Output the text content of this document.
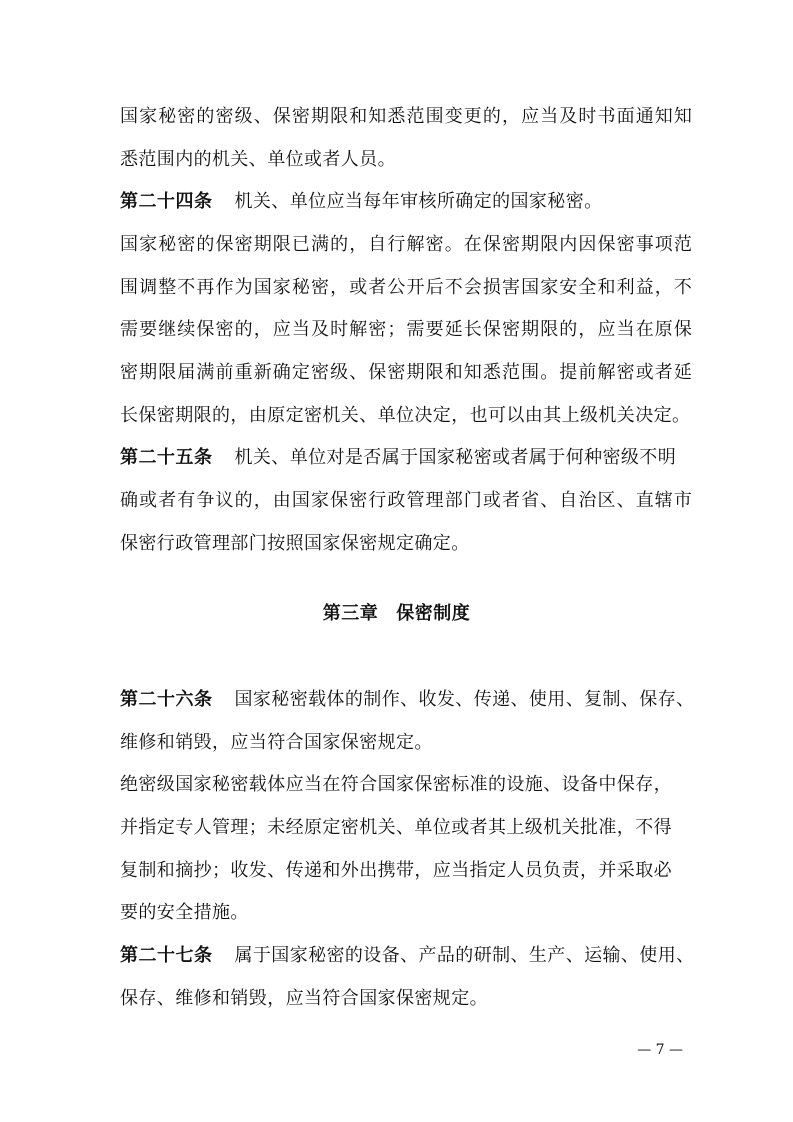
国家秘密的密级、保密期限和知悉范围变更的，应当及时书面通知知
悉范围内的机关、单位或者人员。
第二十四条 机关、单位应当每年审核所确定的国家秘密。
国家秘密的保密期限已满的，自行解密。在保密期限内因保密事项范
围调整不再作为国家秘密，或者公开后不会损害国家安全和利益，不
需要继续保密的，应当及时解密；需要延长保密期限的，应当在原保
密期限届满前重新确定密级、保密期限和知悉范围。提前解密或者延
长保密期限的，由原定密机关、单位决定，也可以由其上级机关决定。
第二十五条 机关、单位对是否属于国家秘密或者属于何种密级不明
确或者有争议的，由国家保密行政管理部门或者省、自治区、直辖市
保密行政管理部门按照国家保密规定确定。
第三章 保密制度
第二十六条 国家秘密载体的制作、收发、传递、使用、复制、保存、
维修和销毁，应当符合国家保密规定。
绝密级国家秘密载体应当在符合国家保密标准的设施、设备中保存，
并指定专人管理；未经原定密机关、单位或者其上级机关批准，不得
复制和摘抄；收发、传递和外出携带，应当指定人员负责，并采取必
要的安全措施。
第二十七条 属于国家秘密的设备、产品的研制、生产、运输、使用、
保存、维修和销毁，应当符合国家保密规定。
— 7 —
